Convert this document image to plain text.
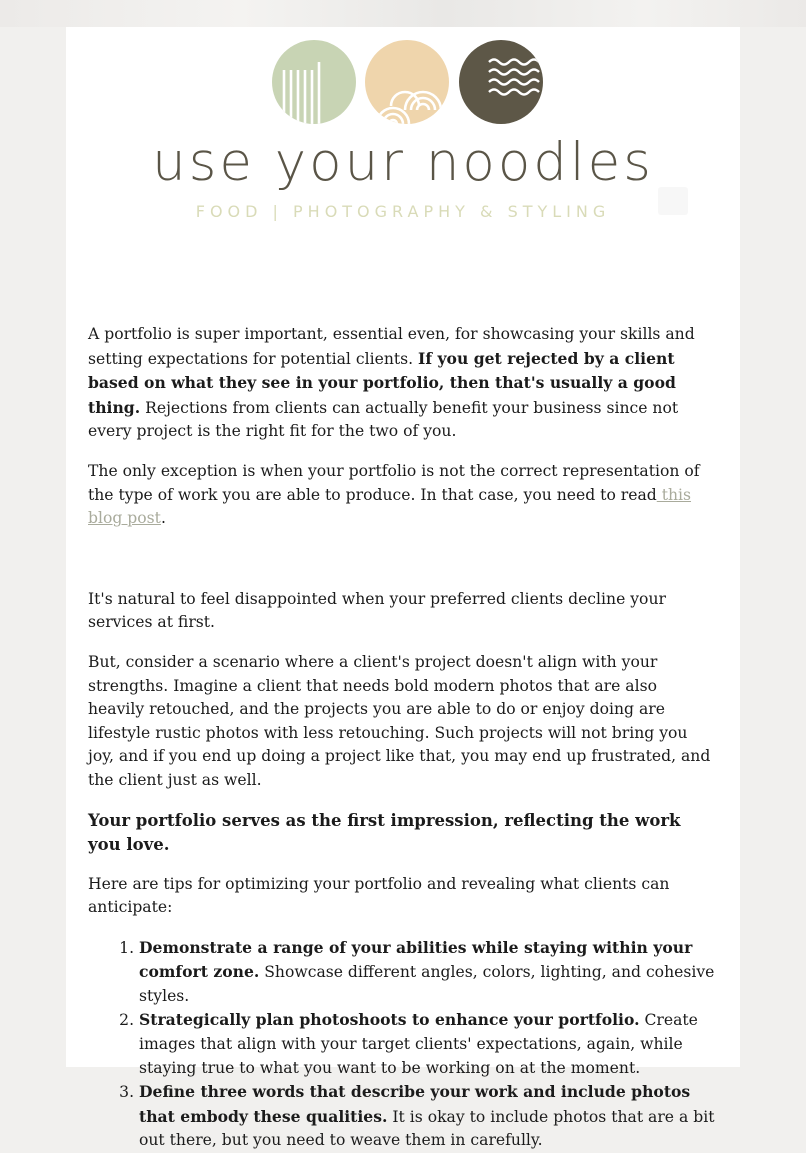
use your noodles
FOOD | PHOTOGRAPHY & STYLING

A portfolio is super important, essential even, for showcasing your skills and setting expectations for potential clients. If you get rejected by a client based on what they see in your portfolio, then that's usually a good thing. Rejections from clients can actually benefit your business since not every project is the right fit for the two of you.

The only exception is when your portfolio is not the correct representation of the type of work you are able to produce. In that case, you need to read this blog post.

It's natural to feel disappointed when your preferred clients decline your services at first.

But, consider a scenario where a client's project doesn't align with your strengths. Imagine a client that needs bold modern photos that are also heavily retouched, and the projects you are able to do or enjoy doing are lifestyle rustic photos with less retouching. Such projects will not bring you joy, and if you end up doing a project like that, you may end up frustrated, and the client just as well.

Your portfolio serves as the first impression, reflecting the work you love.

Here are tips for optimizing your portfolio and revealing what clients can anticipate:

1. Demonstrate a range of your abilities while staying within your comfort zone. Showcase different angles, colors, lighting, and cohesive styles.
2. Strategically plan photoshoots to enhance your portfolio. Create images that align with your target clients' expectations, again, while staying true to what you want to be working on at the moment.
3. Define three words that describe your work and include photos that embody these qualities. It is okay to include photos that are a bit out there, but you need to weave them in carefully.
